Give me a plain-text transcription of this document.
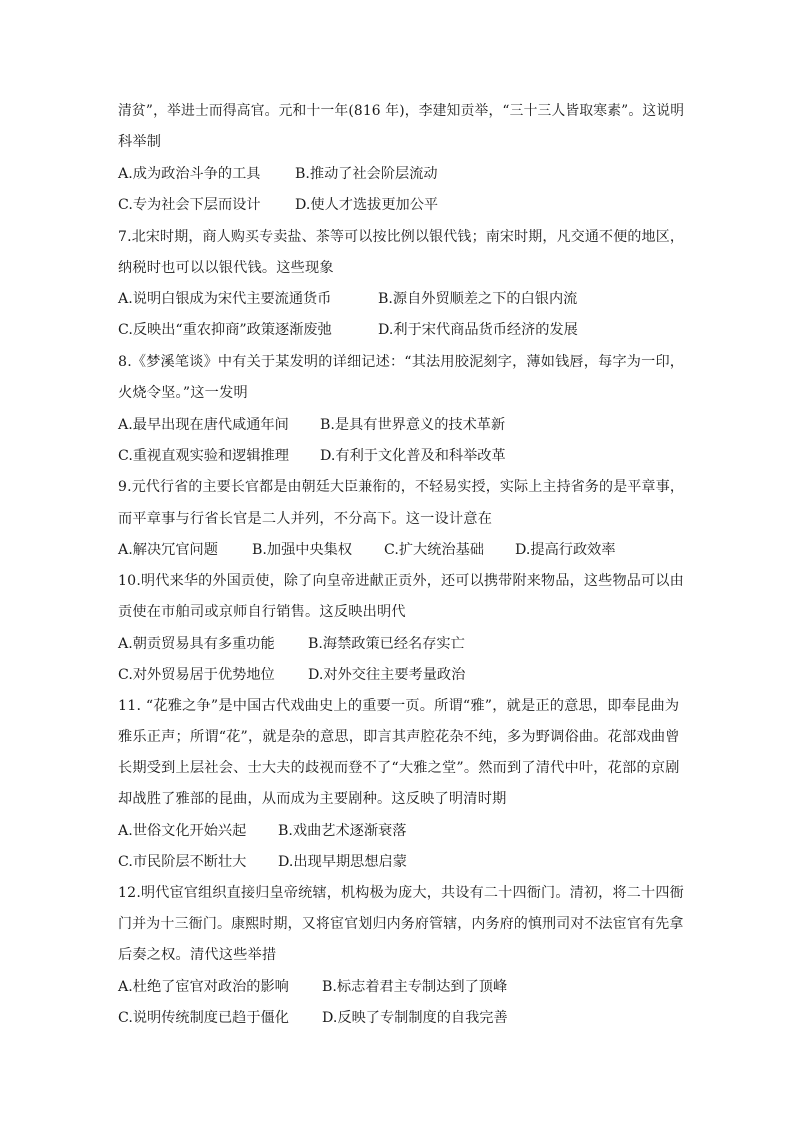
清贫”，举进士而得高官。元和十一年(816 年)，李建知贡举，“三十三人皆取寒素”。这说明
科举制
A.成为政治斗争的工具 B.推动了社会阶层流动
C.专为社会下层而设计 D.使人才选拔更加公平
7.北宋时期，商人购买专卖盐、茶等可以按比例以银代钱；南宋时期，凡交通不便的地区，
纳税时也可以以银代钱。这些现象
A.说明白银成为宋代主要流通货币	B.源自外贸顺差之下的白银内流
C.反映出“重农抑商”政策逐渐废弛	D.利于宋代商品货币经济的发展
8.《梦溪笔谈》中有关于某发明的详细记述：“其法用胶泥刻字，薄如钱唇，每字为一印，
火烧令坚。”这一发明
A.最早出现在唐代咸通年间 B.是具有世界意义的技术革新
C.重视直观实验和逻辑推理 D.有利于文化普及和科举改革
9.元代行省的主要长官都是由朝廷大臣兼衔的，不轻易实授，实际上主持省务的是平章事，
而平章事与行省长官是二人并列，不分高下。这一设计意在
A.解决冗官问题 B.加强中央集权 C.扩大统治基础 D.提高行政效率
10.明代来华的外国贡使，除了向皇帝进献正贡外，还可以携带附来物品，这些物品可以由
贡使在市舶司或京师自行销售。这反映出明代
A.朝贡贸易具有多重功能 B.海禁政策已经名存实亡
C.对外贸易居于优势地位 D.对外交往主要考量政治
11. “花雅之争”是中国古代戏曲史上的重要一页。所谓“雅”，就是正的意思，即奉昆曲为
雅乐正声；所谓“花”，就是杂的意思，即言其声腔花杂不纯，多为野调俗曲。花部戏曲曾
长期受到上层社会、士大夫的歧视而登不了“大雅之堂”。然而到了清代中叶，花部的京剧
却战胜了雅部的昆曲，从而成为主要剧种。这反映了明清时期
A.世俗文化开始兴起 B.戏曲艺术逐渐衰落
C.市民阶层不断壮大 D.出现早期思想启蒙
12.明代宦官组织直接归皇帝统辖，机构极为庞大，共设有二十四衙门。清初，将二十四衙
门并为十三衙门。康熙时期，又将宦官划归内务府管辖，内务府的慎刑司对不法宦官有先拿
后奏之权。清代这些举措
A.杜绝了宦官对政治的影响 B.标志着君主专制达到了顶峰
C.说明传统制度已趋于僵化 D.反映了专制制度的自我完善
